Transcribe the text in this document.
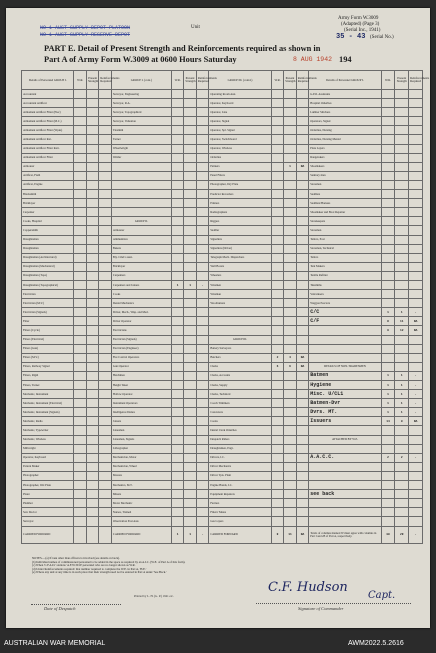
Unit
NO 1 AUST SUPPLY DEPOT PLATOON
NO 1 AUST SUPPLY RESERVE DEPOT
Army Form W.3009
(Adapted) (Page 3)
(Serial Inc., 1941)
35 - 43 (Serial No.)
PART E. Detail of Present Strength and Reinforcements required as shown in
Part A of Army Form W.3009 at 0600 Hours Saturday	8 AUG 1942 194
Details of Personnel GROUP I.	W.R.	Present Strength	Reinforcements Required	GROUP I. (cont.)	W.R.	Present Strength	Reinforcements Required	GROUP III. (contd.)	W.R.	Present Strength	Reinforcements Required	Details of Personnel GROUP I.	W.R.	Present Strength	Reinforcements Required
Accountant				Surveyor, Engineering				Operating Room Asst.				G.P.O. Assistants			
Accountant Artificer				Surveyor, R.A.				Operator, Keyboard				Hospital Orderlies			
Armament Artificer Fitter (Elec)				Surveyor, Topographical				Operator, Line				Lumber Stitchers			
Armament Artificer Fitter (M.C.)				Surveyor, Valuation				Operator, Signal				Operators, Signal			
Armament Artificer Fitter (Wpns)				Tinsmith				Operator, Spl. Signal				Orderlies, Nursing			
Armament Artificer Inst.				Turner				Operator, Switchboard				Orderlies, Nursing Mental			
Armament Artificer Fitter Instr.				Wheelwright				Operator, Wireless				Plate Layers			
Armament Artificer Fitter				Welder				Orderlies				Rangetakers			
Armourer								Painters		1	NA	Shoemakers			
Artificer, Field								Panel Fitters				Sanitary men			
Artificer, Engine								Photographer, Dry Plate				Storemen			
Blacksmith								Predictor Recorders				Saddlers			
Bricklayer								Printers				Saddlers/Harness			
Carpenter								Radiographers				Shoemaker and Boot Repairer			
Cooks, Hospital				GROUP II.				Riggers				Storekeepers			
Coppersmith				Armourer				Saddler				Storemen			
Draughtsman				Ammunition				Signallers				Tailors, Post			
Draughtsman				Bakers				Signallers (Driver)				Storemen, Technical			
Draughtsman (Architectural)				Bty. Cmd.'s Asst.				Telegraph Mech. Dispatchers				Tailors			
Draughtsman (Mechanical)				Bricklayer				Well Borers				Tent Makers			
Draughtsman (Topo)				Carpenters				Wheelers				Textile Refitter			
Draughtsman (Topographical)				Carpenters and Joiners	1	1	-	Wiremen				Tinsmiths			
Electrician				Cooks				Wireman				Vulcanisers			
Electrician (M.V.)				Dental Mechanics				Woodturners				Waggon Erectors			
Electrician (Signals)				Driver, Mech., Wkp. and Med.								C/C	1	1	-
Fitter				Driver Operator								C/F	8	11	NA
Fitters (Cycle)				Electricians									9	12	NA
Fitters (Electrical)				Electrician (Signals)				GROUP III.							
Fitters (Gun)				Electrician (Engineer)				Battery Surveyors							
Fitters (M.V.)				Fire Control Operators				Butchers	2	4	NA				
Fitters, Railway Signal				Gun Operator				Clerks	6	6	NA	DETAILS OF NON-TRADESMEN			
Fitters, Rigid				Hatchmen				Clerks, Accounts				Batmen	1	1	-
Fitters, Turner				Height Taker				Clerks, Supply				Hygiene	1	1	-
Mechanic, Instrument				Hollow Operator				Clerks, Technical				Misc. U/CL1	1	1	-
Mechanic, Instrument (Electrical)				Instrument Operators				Coach Trimmers				Batmen-Dvr	1	1	-
Mechanic, Instrument (Signals)				Intelligence Duties				Concreters				Dvrs. MT.	1	1	-
Mechanic, Radio				Joiners				Cooks				Issuers	14	9	NA
Mechanic, Typewriter				Linesmen				Dental Clerk Orderlies							
Mechanic, Wireless				Linesmen, Signals				Despatch Riders				ATTACHED BY W.E.			
Millwright				Lithographer				Draughtsmen, Engr.							
Operator, Keyboard				Mechanician, Motor				Drivers, I.C.				A.A.C.C.	2	2	-
Pattern Maker				Mechanician, Wheel				Driver Mechanics							
Photographer				Masons				Driver Tpts. Plant							
Photographer, Wet Plate				Mechanics, M.T.				Engine Hands, I.C.							
Plater				Miners				Equipment Repairers				see back			
Plumber				Motor Mechanic				Farriers							
Saw Doctor				Nurses, Trained				Fitters' Mates							
Surveyor				Observation Post Asst.				Gas Layers							
CARRIED FORWARD				CARRIED FORWARD	1	1	-	CARRIED FORWARD	8	11	NA	Totals of columns marked W must agree with columns in Part I and 28 of Part A, respectively.	30	28	-
NOTES.—(a) If task other than officers is involved (see details on back).
(b) Individual names of commissioned personnel to be added in the space as required by an A.I.C. (W.E. of Part A of this form).
(c) When 'C.F.A.D.' stations 'A.F.W.3010' personnel who are no longer shown as W.R.
(d) Under Reinforcements required: that number required to complete the W.E. in Part A, 'H.E.'
(e) Where any unit at any time is in such place that their strength need not be entered in Part A under 'See Back.'
Date of Despatch
Printed by L. H. (G. P.) 1941 etc.
C.F. Hudson
Capt.
Signature of Commander
AUSTRALIAN WAR MEMORIAL	AWM2022.5.2616
